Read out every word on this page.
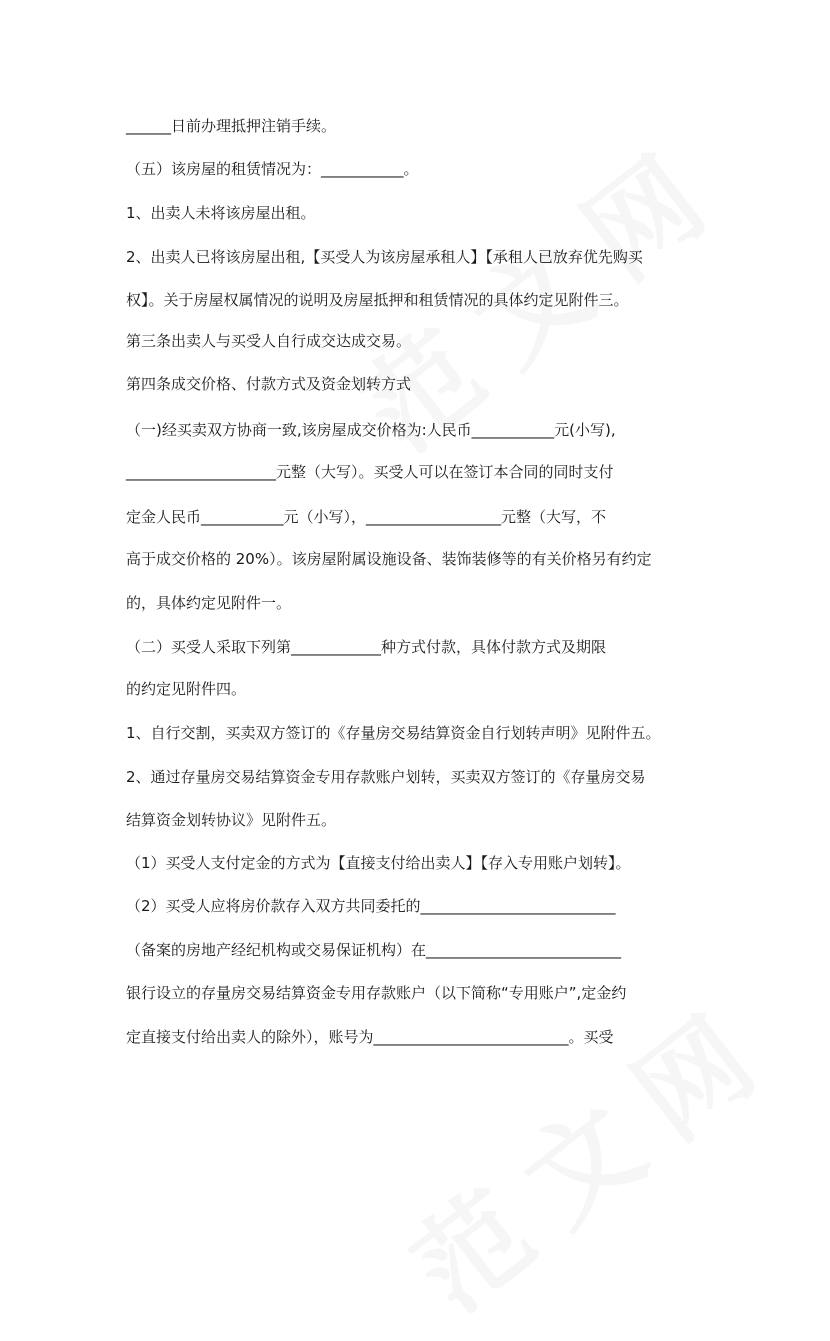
______日前办理抵押注销手续。
（五）该房屋的租赁情况为：___________。
1、出卖人未将该房屋出租。
2、出卖人已将该房屋出租,【买受人为该房屋承租人】【承租人已放弃优先购买
权】。关于房屋权属情况的说明及房屋抵押和租赁情况的具体约定见附件三。
第三条出卖人与买受人自行成交达成交易。
第四条成交价格、付款方式及资金划转方式
（一)经买卖双方协商一致,该房屋成交价格为:人民币___________元(小写),
____________________元整（大写）。买受人可以在签订本合同的同时支付
定金人民币___________元（小写），__________________元整（大写，不
高于成交价格的 20%）。该房屋附属设施设备、装饰装修等的有关价格另有约定
的，具体约定见附件一。
（二）买受人采取下列第____________种方式付款，具体付款方式及期限
的约定见附件四。
1、自行交割，买卖双方签订的《存量房交易结算资金自行划转声明》见附件五。
2、通过存量房交易结算资金专用存款账户划转，买卖双方签订的《存量房交易
结算资金划转协议》见附件五。
（1）买受人支付定金的方式为【直接支付给出卖人】【存入专用账户划转】。
（2）买受人应将房价款存入双方共同委托的__________________________
（备案的房地产经纪机构或交易保证机构）在__________________________
银行设立的存量房交易结算资金专用存款账户（以下简称“专用账户”,定金约
定直接支付给出卖人的除外），账号为__________________________。买受
